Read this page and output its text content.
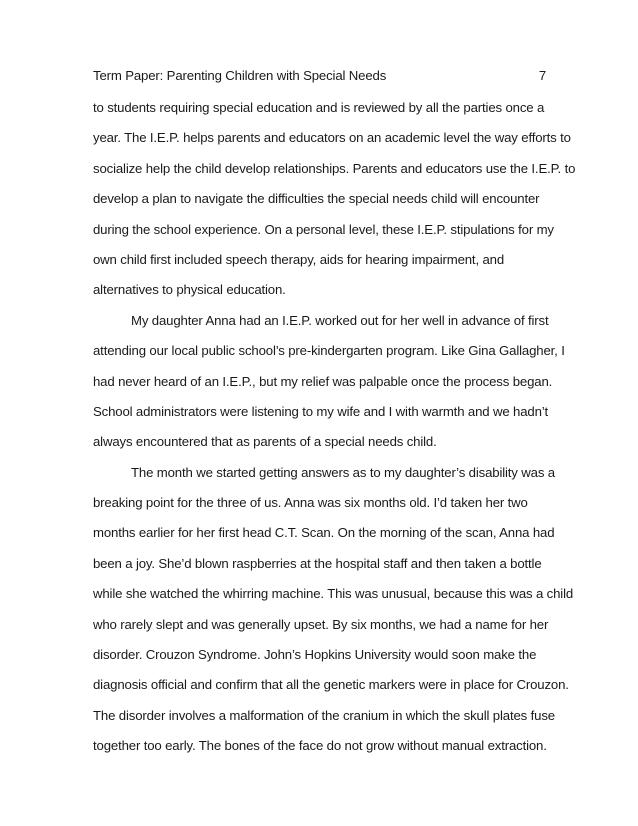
Term Paper: Parenting Children with Special Needs	7
to students requiring special education and is reviewed by all the parties once a
year. The I.E.P. helps parents and educators on an academic level the way efforts to
socialize help the child develop relationships. Parents and educators use the I.E.P. to
develop a plan to navigate the difficulties the special needs child will encounter
during the school experience. On a personal level, these I.E.P. stipulations for my
own child first included speech therapy, aids for hearing impairment, and
alternatives to physical education.
My daughter Anna had an I.E.P. worked out for her well in advance of first
attending our local public school’s pre-kindergarten program. Like Gina Gallagher, I
had never heard of an I.E.P., but my relief was palpable once the process began.
School administrators were listening to my wife and I with warmth and we hadn’t
always encountered that as parents of a special needs child.
The month we started getting answers as to my daughter’s disability was a
breaking point for the three of us. Anna was six months old. I’d taken her two
months earlier for her first head C.T. Scan. On the morning of the scan, Anna had
been a joy. She’d blown raspberries at the hospital staff and then taken a bottle
while she watched the whirring machine. This was unusual, because this was a child
who rarely slept and was generally upset. By six months, we had a name for her
disorder. Crouzon Syndrome. John’s Hopkins University would soon make the
diagnosis official and confirm that all the genetic markers were in place for Crouzon.
The disorder involves a malformation of the cranium in which the skull plates fuse
together too early. The bones of the face do not grow without manual extraction.
